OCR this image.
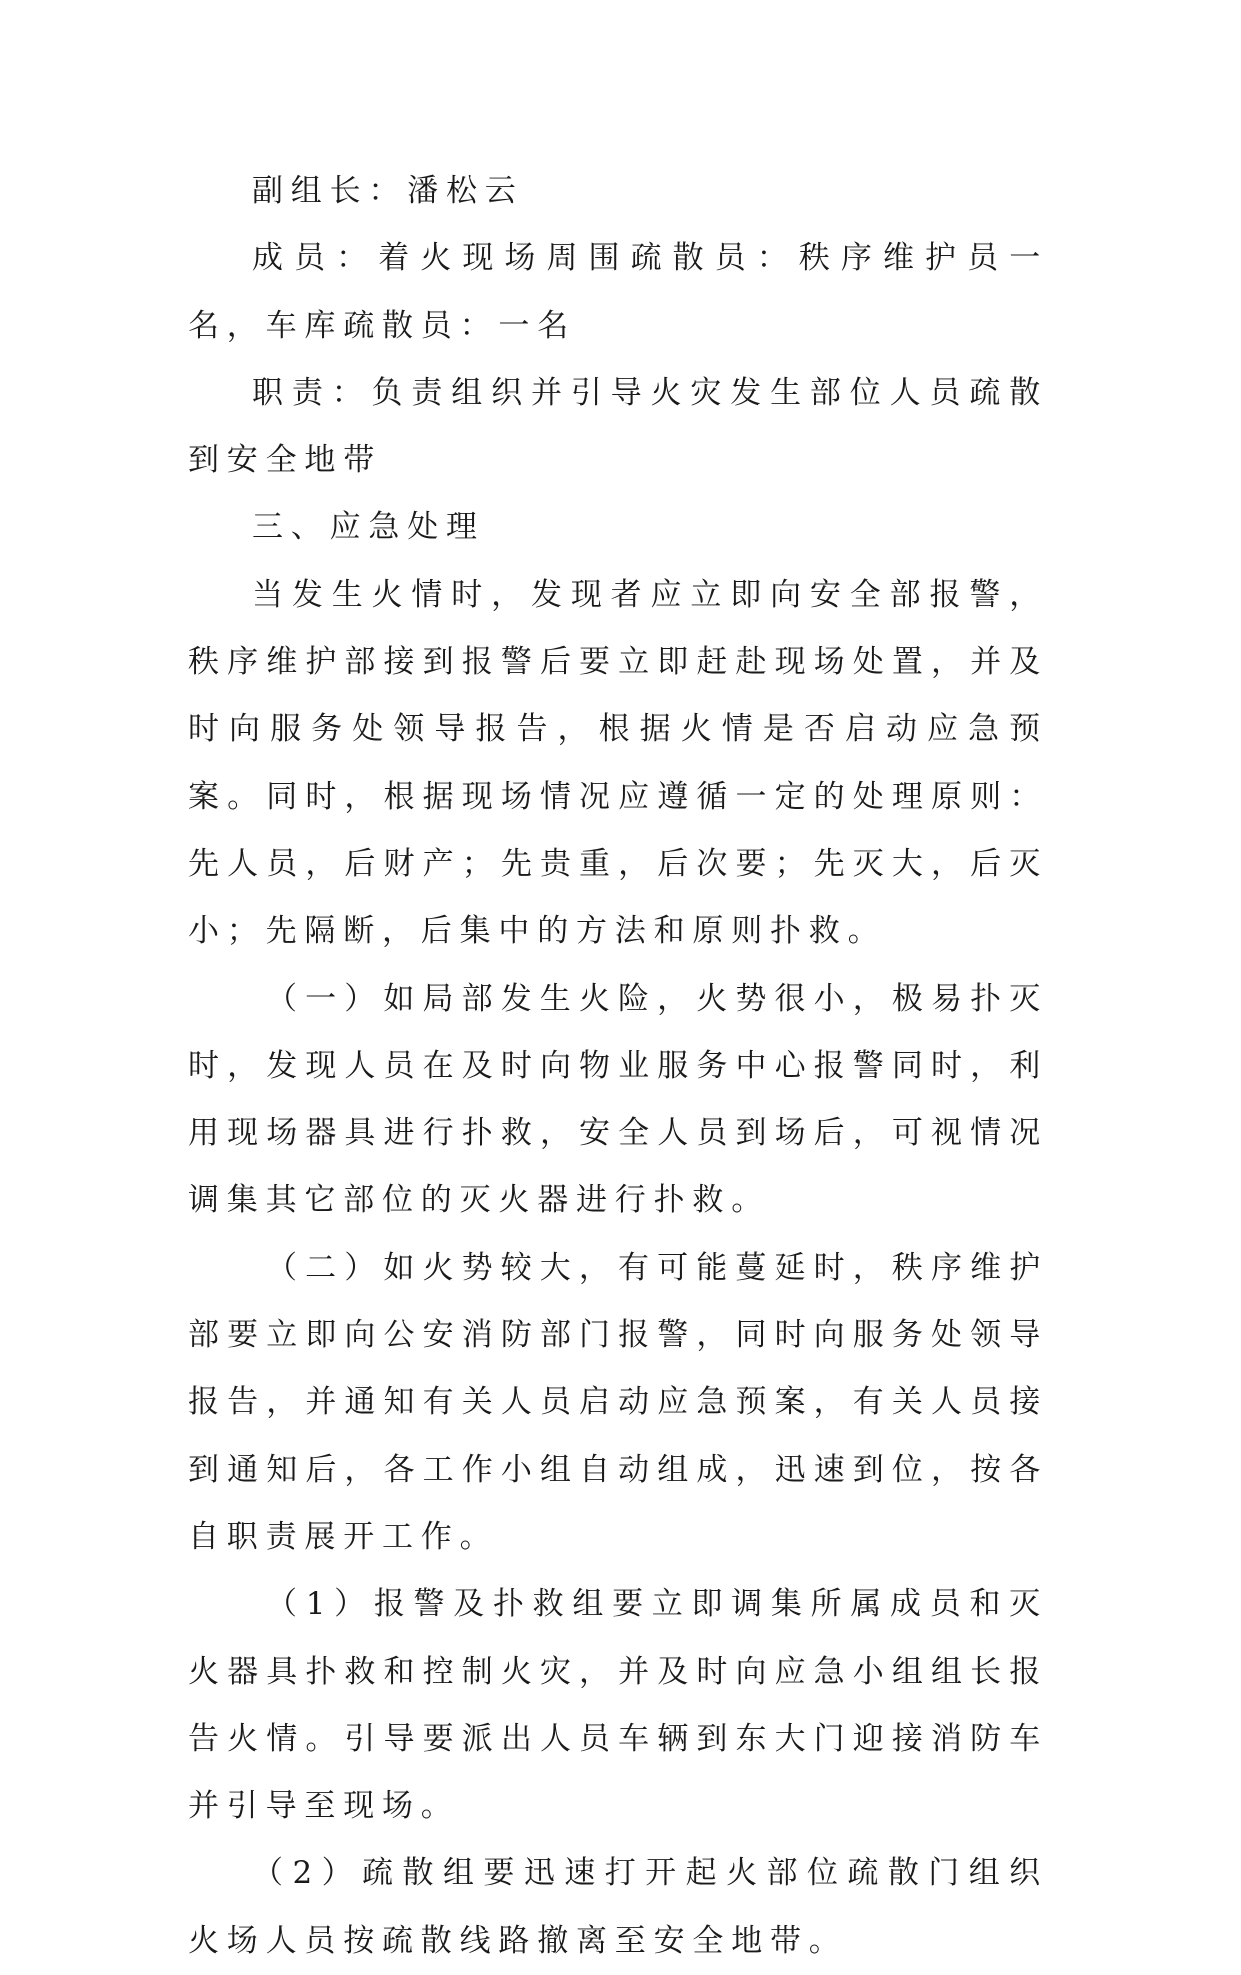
副组长：潘松云

成员：着火现场周围疏散员：秩序维护员一名，车库疏散员：一名

职责：负责组织并引导火灾发生部位人员疏散到安全地带

三、应急处理

当发生火情时，发现者应立即向安全部报警，秩序维护部接到报警后要立即赶赴现场处置，并及时向服务处领导报告，根据火情是否启动应急预案。同时，根据现场情况应遵循一定的处理原则：先人员，后财产；先贵重，后次要；先灭大，后灭小；先隔断，后集中的方法和原则扑救。

（一）如局部发生火险，火势很小，极易扑灭时，发现人员在及时向物业服务中心报警同时，利用现场器具进行扑救，安全人员到场后，可视情况调集其它部位的灭火器进行扑救。

（二）如火势较大，有可能蔓延时，秩序维护部要立即向公安消防部门报警，同时向服务处领导报告，并通知有关人员启动应急预案，有关人员接到通知后，各工作小组自动组成，迅速到位，按各自职责展开工作。

（1）报警及扑救组要立即调集所属成员和灭火器具扑救和控制火灾，并及时向应急小组组长报告火情。引导要派出人员车辆到东大门迎接消防车并引导至现场。

（2）疏散组要迅速打开起火部位疏散门组织火场人员按疏散线路撤离至安全地带。
